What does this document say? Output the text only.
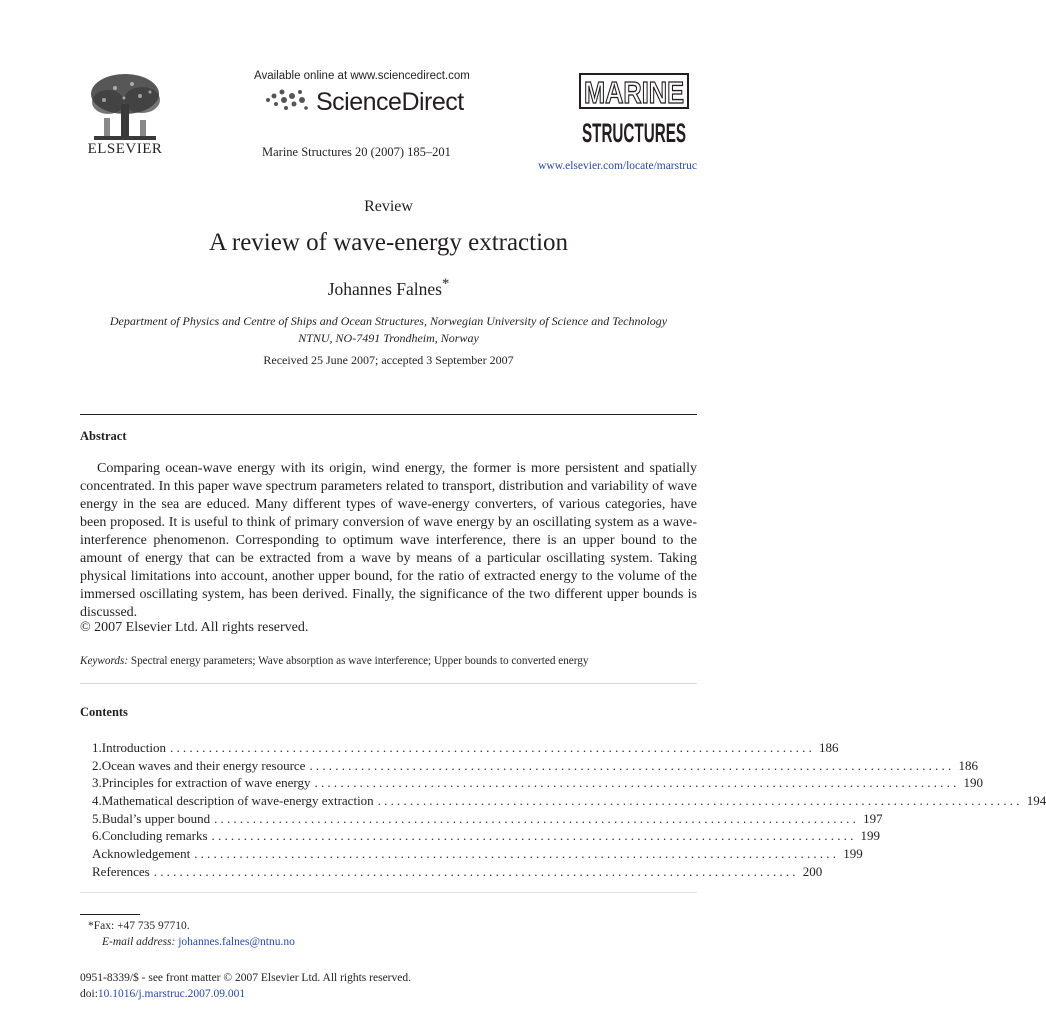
ELSEVIER
Available online at www.sciencedirect.com
ScienceDirect
Marine Structures 20 (2007) 185–201
MARINE
STRUCTURES
www.elsevier.com/locate/marstruc
Review
A review of wave-energy extraction
Johannes Falnes*
Department of Physics and Centre of Ships and Ocean Structures, Norwegian University of Science and Technology
NTNU, NO-7491 Trondheim, Norway
Received 25 June 2007; accepted 3 September 2007
Abstract
Comparing ocean-wave energy with its origin, wind energy, the former is more persistent and spatially concentrated. In this paper wave spectrum parameters related to transport, distribution and variability of wave energy in the sea are educed. Many different types of wave-energy converters, of various categories, have been proposed. It is useful to think of primary conversion of wave energy by an oscillating system as a wave-interference phenomenon. Corresponding to optimum wave interference, there is an upper bound to the amount of energy that can be extracted from a wave by means of a particular oscillating system. Taking physical limitations into account, another upper bound, for the ratio of extracted energy to the volume of the immersed oscillating system, has been derived. Finally, the significance of the two different upper bounds is discussed.
© 2007 Elsevier Ltd. All rights reserved.
Keywords: Spectral energy parameters; Wave absorption as wave interference; Upper bounds to converted energy
Contents
1. Introduction .................................................................................................... 186
2. Ocean waves and their energy resource .................................................................................................... 186
3. Principles for extraction of wave energy .................................................................................................... 190
4. Mathematical description of wave-energy extraction .................................................................................................... 194
5. Budal’s upper bound .................................................................................................... 197
6. Concluding remarks .................................................................................................... 199
Acknowledgement .................................................................................................... 199
References .................................................................................................... 200
*Fax: +47 735 97710.
E-mail address: johannes.falnes@ntnu.no
0951-8339/$ - see front matter © 2007 Elsevier Ltd. All rights reserved.
doi:10.1016/j.marstruc.2007.09.001
